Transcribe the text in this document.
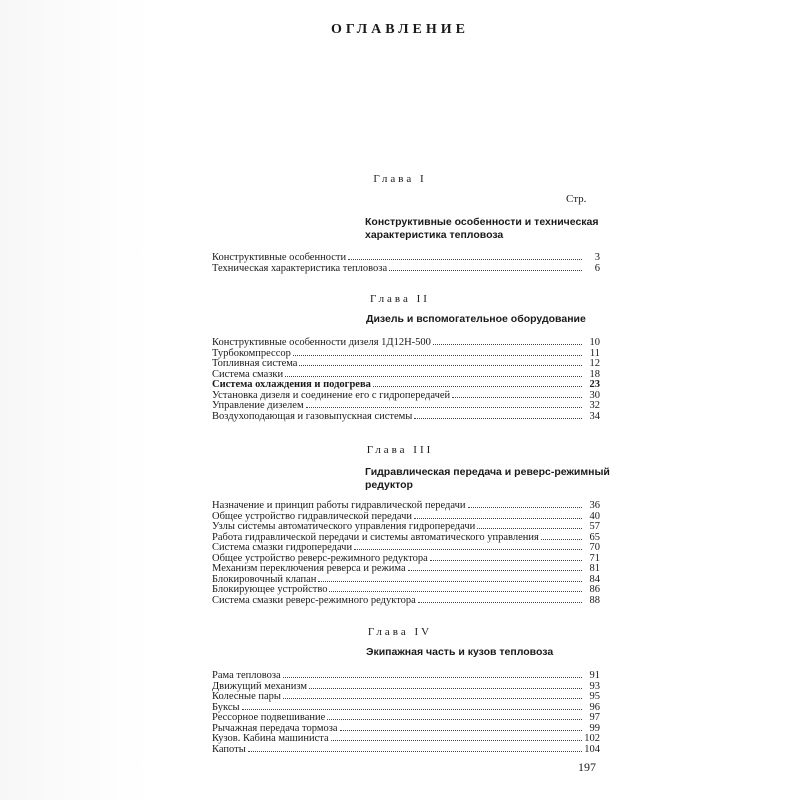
ОГЛАВЛЕНИЕ
Глава I
Стр.
Конструктивные особенности и техническая
характеристика тепловоза
Конструктивные особенности	3
Техническая характеристика тепловоза	6
Глава II
Дизель и вспомогательное оборудование
Конструктивные особенности дизеля 1Д12Н-500	10
Турбокомпрессор	11
Топливная система	12
Система смазки	18
Система охлаждения и подогрева	23
Установка дизеля и соединение его с гидропередачей	30
Управление дизелем	32
Воздухоподающая и газовыпускная системы	34
Глава III
Гидравлическая передача и реверс-режимный
редуктор
Назначение и принцип работы гидравлической передачи	36
Общее устройство гидравлической передачи	40
Узлы системы автоматического управления гидропередачи	57
Работа гидравлической передачи и системы автоматического управления	65
Система смазки гидропередачи	70
Общее устройство реверс-режимного редуктора	71
Механизм переключения реверса и режима	81
Блокировочный клапан	84
Блокирующее устройство	86
Система смазки реверс-режимного редуктора	88
Глава IV
Экипажная часть и кузов тепловоза
Рама тепловоза	91
Движущий механизм	93
Колесные пары	95
Буксы	96
Рессорное подвешивание	97
Рычажная передача тормоза	99
Кузов. Кабина машиниста	102
Капоты	104
197
